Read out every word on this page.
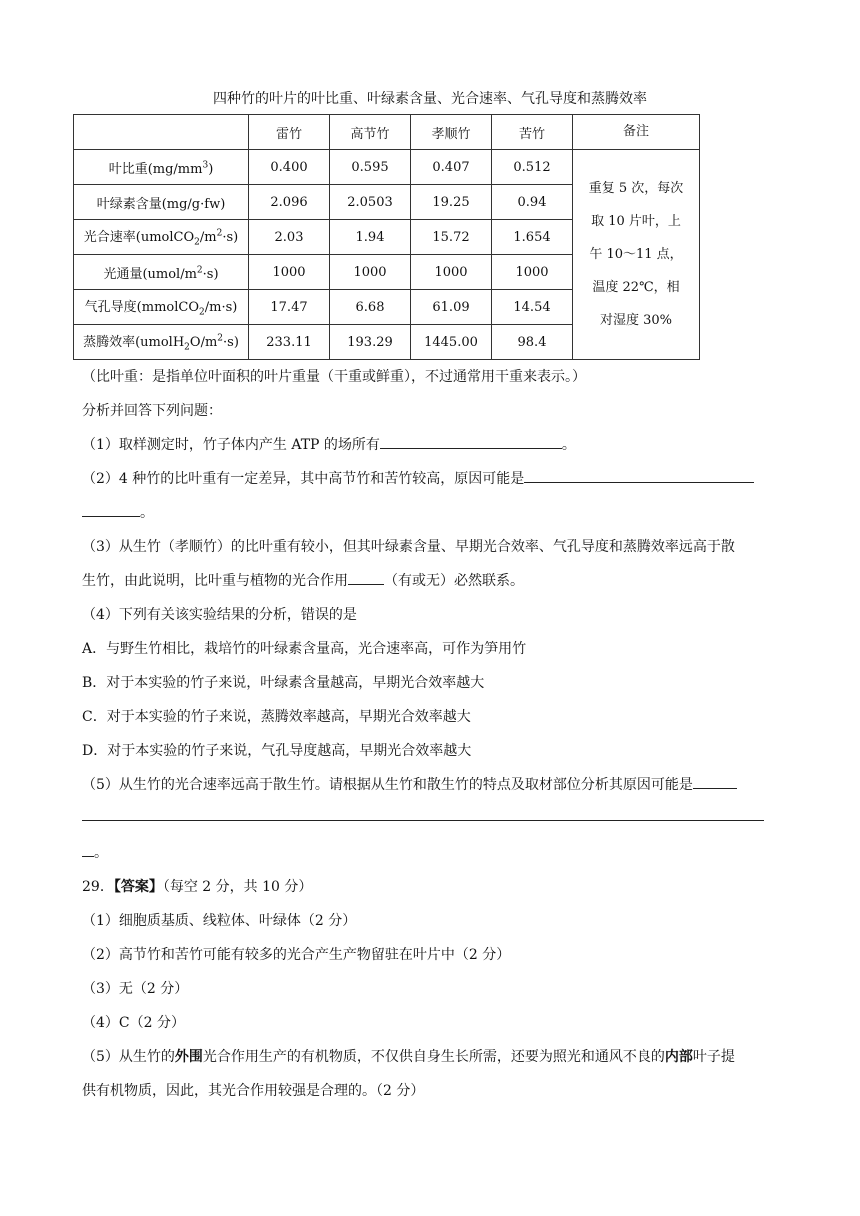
四种竹的叶片的叶比重、叶绿素含量、光合速率、气孔导度和蒸腾效率
	雷竹	高节竹	孝顺竹	苦竹	备注
叶比重$(mg/mm^3)$	0.400	0.595	0.407	0.512	重复 5 次，每次
取 10 片叶，上
午 10～11 点，
温度 22℃，相
对湿度 30%

叶绿素含量(mg/g·fw)	2.096	2.0503	19.25	0.94	
光合速率$(umolCO_2/m^2\cdot s)$	2.03	1.94	15.72	1.654	
光通量$(umol/m^2\cdot s)$	1000	1000	1000	1000	
气孔导度(mmolCO$_2$/m·s)	17.47	6.68	61.09	14.54	
蒸腾效率$(umolH_2O/m^2\cdot s)$	233.11	193.29	1445.00	98.4	
（比叶重：是指单位叶面积的叶片重量（干重或鲜重），不过通常用干重来表示。）
分析并回答下列问题：
（1）取样测定时，竹子体内产生 ATP 的场所有	。
（2）4 种竹的比叶重有一定差异，其中高节竹和苦竹较高，原因可能是
。
（3）从生竹（孝顺竹）的比叶重有较小，但其叶绿素含量、早期光合效率、气孔导度和蒸腾效率远高于散
生竹，由此说明，比叶重与植物的光合作用	（有或无）必然联系。
（4）下列有关该实验结果的分析，错误的是
A．与野生竹相比，栽培竹的叶绿素含量高，光合速率高，可作为笋用竹
B．对于本实验的竹子来说，叶绿素含量越高，早期光合效率越大
C．对于本实验的竹子来说，蒸腾效率越高，早期光合效率越大
D．对于本实验的竹子来说，气孔导度越高，早期光合效率越大
（5）从生竹的光合速率远高于散生竹。请根据从生竹和散生竹的特点及取材部位分析其原因可能是
。
29．【答案】（每空 2 分，共 10 分）
（1）细胞质基质、线粒体、叶绿体（2 分）
（2）高节竹和苦竹可能有较多的光合产生产物留驻在叶片中（2 分）
（3）无（2 分）
（4）C（2 分）
（5）从生竹的外围光合作用生产的有机物质，不仅供自身生长所需，还要为照光和通风不良的内部叶子提
供有机物质，因此，其光合作用较强是合理的。（2 分）
